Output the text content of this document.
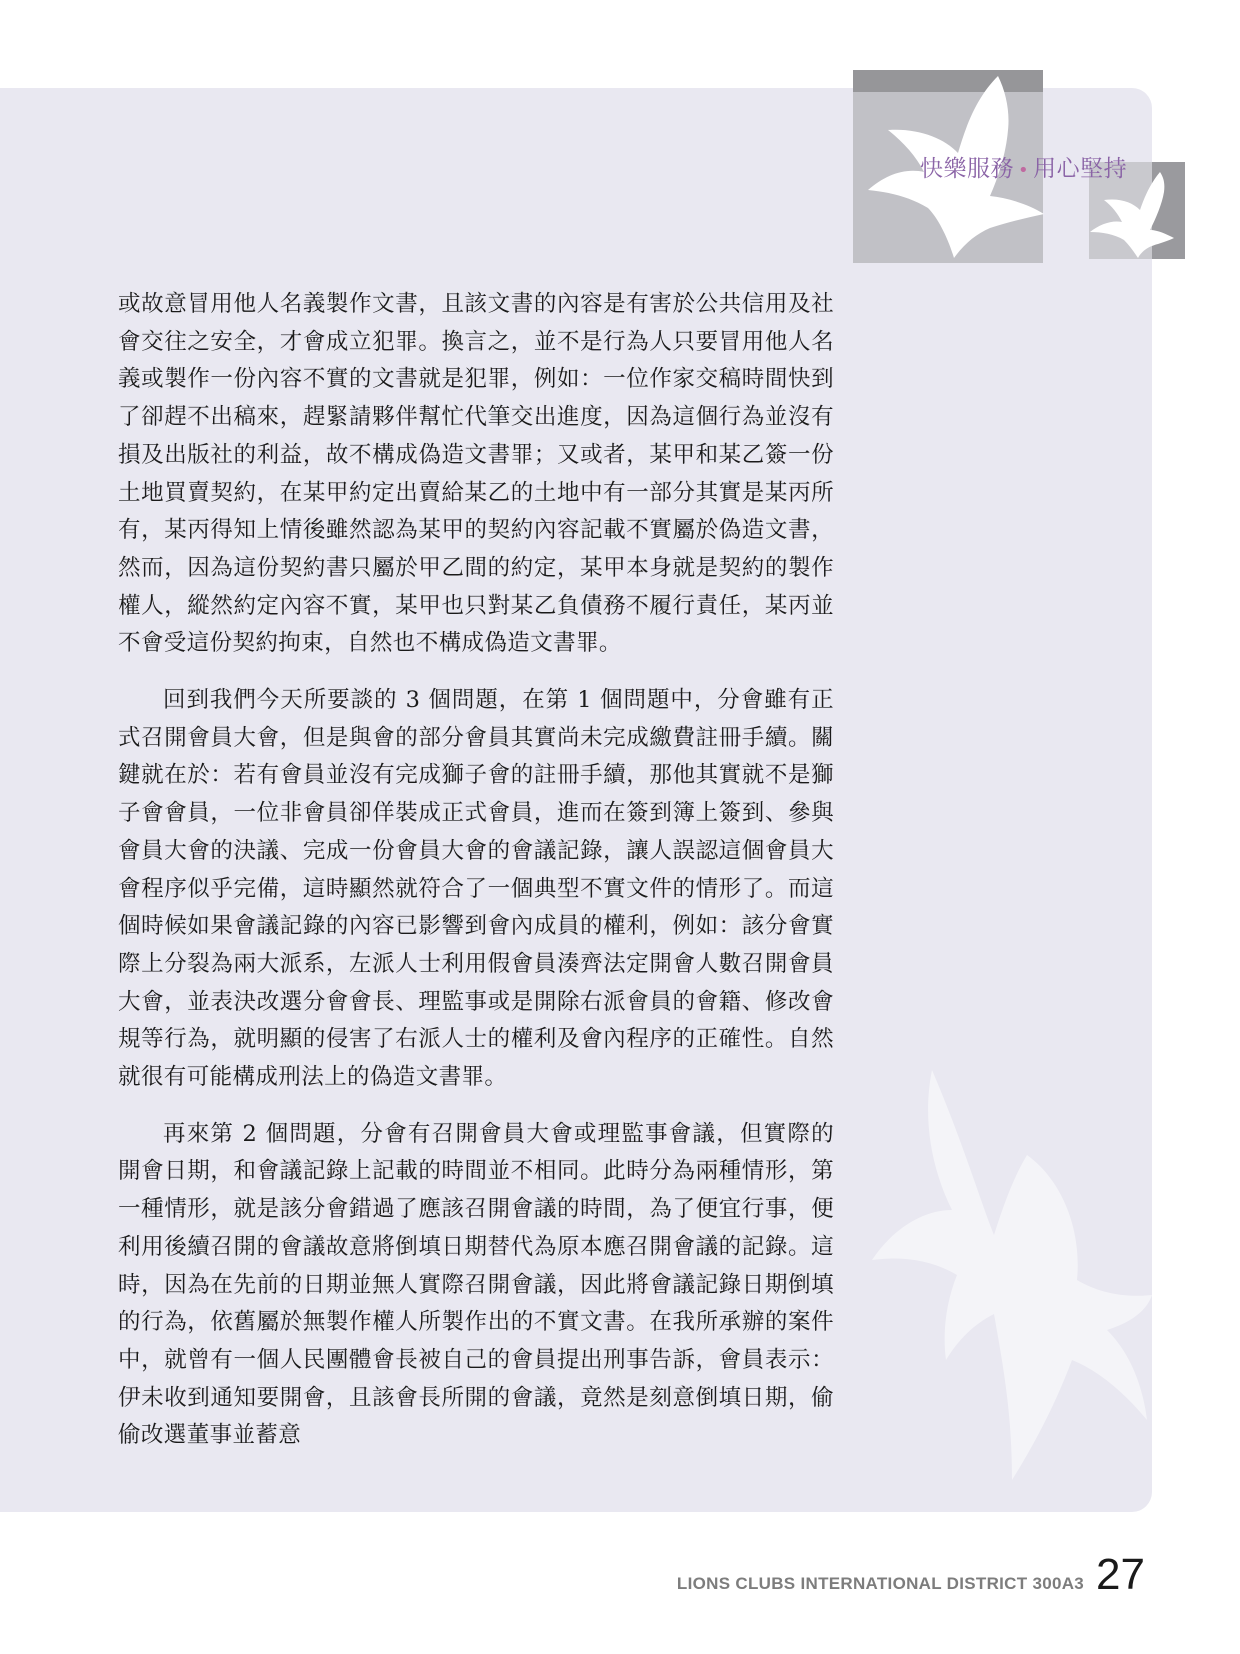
快樂服務 • 用心堅持

或故意冒用他人名義製作文書，且該文書的內容是有害於公共信用及社會交往之安全，才會成立犯罪。換言之，並不是行為人只要冒用他人名義或製作一份內容不實的文書就是犯罪，例如：一位作家交稿時間快到了卻趕不出稿來，趕緊請夥伴幫忙代筆交出進度，因為這個行為並沒有損及出版社的利益，故不構成偽造文書罪；又或者，某甲和某乙簽一份土地買賣契約，在某甲約定出賣給某乙的土地中有一部分其實是某丙所有，某丙得知上情後雖然認為某甲的契約內容記載不實屬於偽造文書，然而，因為這份契約書只屬於甲乙間的約定，某甲本身就是契約的製作權人，縱然約定內容不實，某甲也只對某乙負債務不履行責任，某丙並不會受這份契約拘束，自然也不構成偽造文書罪。

回到我們今天所要談的 3 個問題，在第 1 個問題中，分會雖有正式召開會員大會，但是與會的部分會員其實尚未完成繳費註冊手續。關鍵就在於：若有會員並沒有完成獅子會的註冊手續，那他其實就不是獅子會會員，一位非會員卻佯裝成正式會員，進而在簽到簿上簽到、參與會員大會的決議、完成一份會員大會的會議記錄，讓人誤認這個會員大會程序似乎完備，這時顯然就符合了一個典型不實文件的情形了。而這個時候如果會議記錄的內容已影響到會內成員的權利，例如：該分會實際上分裂為兩大派系，左派人士利用假會員湊齊法定開會人數召開會員大會，並表決改選分會會長、理監事或是開除右派會員的會籍、修改會規等行為，就明顯的侵害了右派人士的權利及會內程序的正確性。自然就很有可能構成刑法上的偽造文書罪。

再來第 2 個問題，分會有召開會員大會或理監事會議，但實際的開會日期，和會議記錄上記載的時間並不相同。此時分為兩種情形，第一種情形，就是該分會錯過了應該召開會議的時間，為了便宜行事，便利用後續召開的會議故意將倒填日期替代為原本應召開會議的記錄。這時，因為在先前的日期並無人實際召開會議，因此將會議記錄日期倒填的行為，依舊屬於無製作權人所製作出的不實文書。在我所承辦的案件中，就曾有一個人民團體會長被自己的會員提出刑事告訴，會員表示：伊未收到通知要開會，且該會長所開的會議，竟然是刻意倒填日期，偷偷改選董事並蓄意

LIONS CLUBS INTERNATIONAL DISTRICT 300A3 27
